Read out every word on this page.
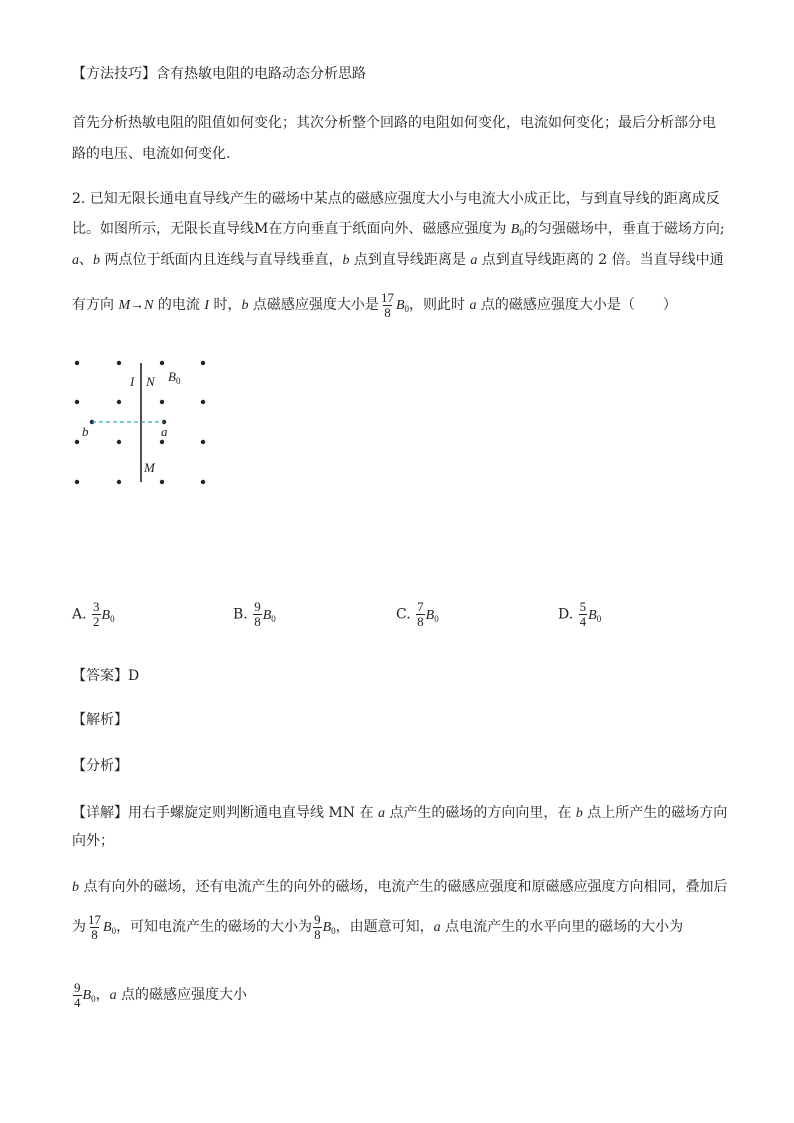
【方法技巧】含有热敏电阻的电路动态分析思路
首先分析热敏电阻的阻值如何变化；其次分析整个回路的电阻如何变化，电流如何变化；最后分析部分电
路的电压、电流如何变化.
2. 已知无限长通电直导线产生的磁场中某点的磁感应强度大小与电流大小成正比，与到直导线的距离成反
比。如图所示，无限长直导线M在方向垂直于纸面向外、磁感应强度为 $B_0$的匀强磁场中，垂直于磁场方向;
a、b 两点位于纸面内且连线与直导线垂直，b 点到直导线距离是 a 点到直导线距离的 2 倍。当直导线中通
有方向 M→N 的电流 I 时，b 点磁感应强度大小是 $\frac{17}{8} B_0$，则此时 a 点的磁感应强度大小是（　　）
I N $B_0$
b	a
M
A. $\frac{3}{2} B_0$	B. $\frac{9}{8} B_0$	C. $\frac{7}{8} B_0$	D. $\frac{5}{4} B_0$
【答案】D
【解析】
【分析】
【详解】用右手螺旋定则判断通电直导线 MN 在 a 点产生的磁场的方向向里，在 b 点上所产生的磁场方向
向外；
b 点有向外的磁场，还有电流产生的向外的磁场，电流产生的磁感应强度和原磁感应强度方向相同，叠加后
为 $\frac{17}{8} B_0$，可知电流产生的磁场的大小为 $\frac{9}{8} B_0$，由题意可知，a 点电流产生的水平向里的磁场的大小为
$\frac{9}{4} B_0$，a 点的磁感应强度大小
